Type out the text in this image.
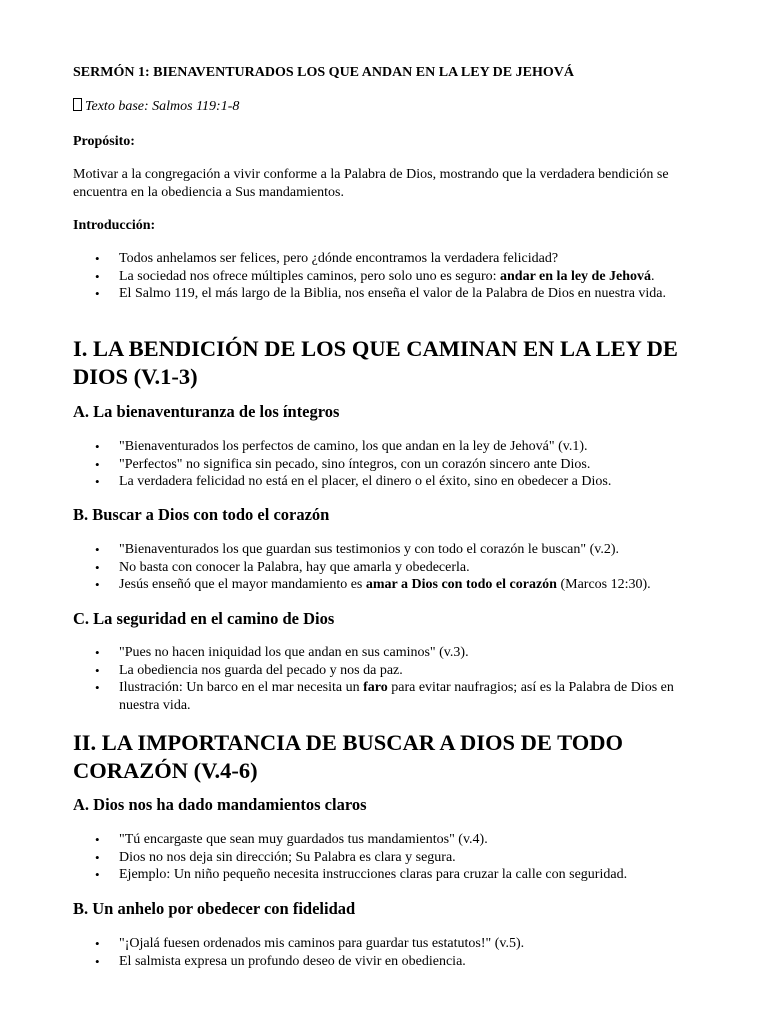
SERMÓN 1: BIENAVENTURADOS LOS QUE ANDAN EN LA LEY DE JEHOVÁ
Texto base: Salmos 119:1-8
Propósito:
Motivar a la congregación a vivir conforme a la Palabra de Dios, mostrando que la verdadera bendición se encuentra en la obediencia a Sus mandamientos.
Introducción:
• Todos anhelamos ser felices, pero ¿dónde encontramos la verdadera felicidad?
• La sociedad nos ofrece múltiples caminos, pero solo uno es seguro: andar en la ley de Jehová.
• El Salmo 119, el más largo de la Biblia, nos enseña el valor de la Palabra de Dios en nuestra vida.
I. LA BENDICIÓN DE LOS QUE CAMINAN EN LA LEY DE DIOS (V.1-3)
A. La bienaventuranza de los íntegros
• "Bienaventurados los perfectos de camino, los que andan en la ley de Jehová" (v.1).
• "Perfectos" no significa sin pecado, sino íntegros, con un corazón sincero ante Dios.
• La verdadera felicidad no está en el placer, el dinero o el éxito, sino en obedecer a Dios.
B. Buscar a Dios con todo el corazón
• "Bienaventurados los que guardan sus testimonios y con todo el corazón le buscan" (v.2).
• No basta con conocer la Palabra, hay que amarla y obedecerla.
• Jesús enseñó que el mayor mandamiento es amar a Dios con todo el corazón (Marcos 12:30).
C. La seguridad en el camino de Dios
• "Pues no hacen iniquidad los que andan en sus caminos" (v.3).
• La obediencia nos guarda del pecado y nos da paz.
• Ilustración: Un barco en el mar necesita un faro para evitar naufragios; así es la Palabra de Dios en nuestra vida.
II. LA IMPORTANCIA DE BUSCAR A DIOS DE TODO CORAZÓN (V.4-6)
A. Dios nos ha dado mandamientos claros
• "Tú encargaste que sean muy guardados tus mandamientos" (v.4).
• Dios no nos deja sin dirección; Su Palabra es clara y segura.
• Ejemplo: Un niño pequeño necesita instrucciones claras para cruzar la calle con seguridad.
B. Un anhelo por obedecer con fidelidad
• "¡Ojalá fuesen ordenados mis caminos para guardar tus estatutos!" (v.5).
• El salmista expresa un profundo deseo de vivir en obediencia.
